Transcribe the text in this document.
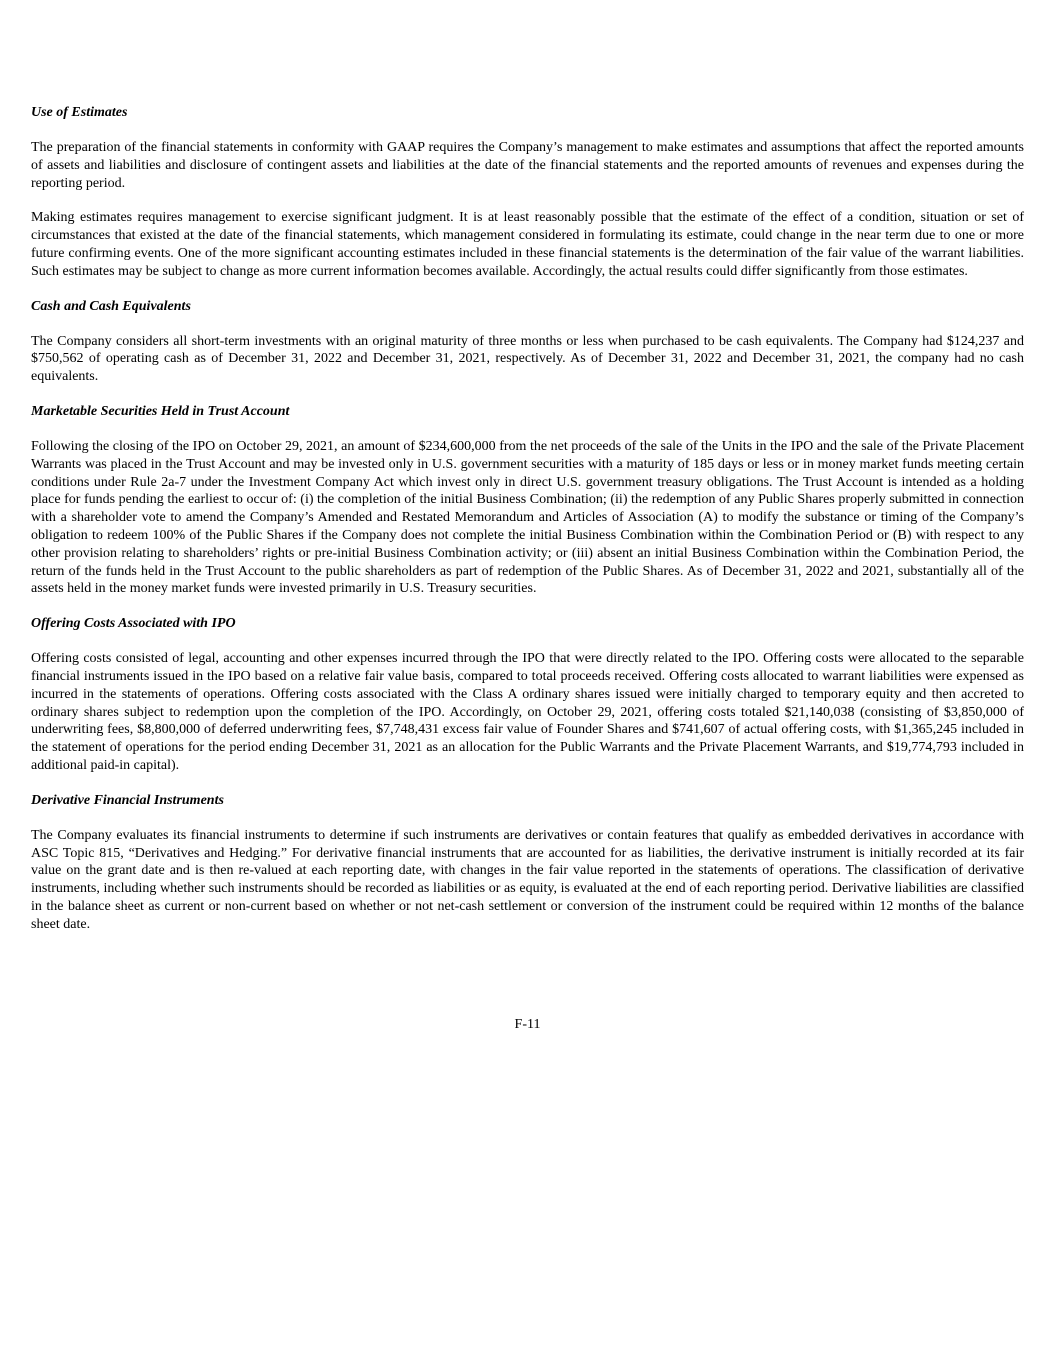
Use of Estimates

The preparation of the financial statements in conformity with GAAP requires the Company’s management to make estimates and assumptions that affect the reported amounts of assets and liabilities and disclosure of contingent assets and liabilities at the date of the financial statements and the reported amounts of revenues and expenses during the reporting period.

Making estimates requires management to exercise significant judgment. It is at least reasonably possible that the estimate of the effect of a condition, situation or set of circumstances that existed at the date of the financial statements, which management considered in formulating its estimate, could change in the near term due to one or more future confirming events. One of the more significant accounting estimates included in these financial statements is the determination of the fair value of the warrant liabilities. Such estimates may be subject to change as more current information becomes available. Accordingly, the actual results could differ significantly from those estimates.

Cash and Cash Equivalents

The Company considers all short-term investments with an original maturity of three months or less when purchased to be cash equivalents. The Company had $124,237 and $750,562 of operating cash as of December 31, 2022 and December 31, 2021, respectively. As of December 31, 2022 and December 31, 2021, the company had no cash equivalents.

Marketable Securities Held in Trust Account

Following the closing of the IPO on October 29, 2021, an amount of $234,600,000 from the net proceeds of the sale of the Units in the IPO and the sale of the Private Placement Warrants was placed in the Trust Account and may be invested only in U.S. government securities with a maturity of 185 days or less or in money market funds meeting certain conditions under Rule 2a-7 under the Investment Company Act which invest only in direct U.S. government treasury obligations. The Trust Account is intended as a holding place for funds pending the earliest to occur of: (i) the completion of the initial Business Combination; (ii) the redemption of any Public Shares properly submitted in connection with a shareholder vote to amend the Company’s Amended and Restated Memorandum and Articles of Association (A) to modify the substance or timing of the Company’s obligation to redeem 100% of the Public Shares if the Company does not complete the initial Business Combination within the Combination Period or (B) with respect to any other provision relating to shareholders’ rights or pre-initial Business Combination activity; or (iii) absent an initial Business Combination within the Combination Period, the return of the funds held in the Trust Account to the public shareholders as part of redemption of the Public Shares. As of December 31, 2022 and 2021, substantially all of the assets held in the money market funds were invested primarily in U.S. Treasury securities.

Offering Costs Associated with IPO

Offering costs consisted of legal, accounting and other expenses incurred through the IPO that were directly related to the IPO. Offering costs were allocated to the separable financial instruments issued in the IPO based on a relative fair value basis, compared to total proceeds received. Offering costs allocated to warrant liabilities were expensed as incurred in the statements of operations. Offering costs associated with the Class A ordinary shares issued were initially charged to temporary equity and then accreted to ordinary shares subject to redemption upon the completion of the IPO. Accordingly, on October 29, 2021, offering costs totaled $21,140,038 (consisting of $3,850,000 of underwriting fees, $8,800,000 of deferred underwriting fees, $7,748,431 excess fair value of Founder Shares and $741,607 of actual offering costs, with $1,365,245 included in the statement of operations for the period ending December 31, 2021 as an allocation for the Public Warrants and the Private Placement Warrants, and $19,774,793 included in additional paid-in capital).

Derivative Financial Instruments

The Company evaluates its financial instruments to determine if such instruments are derivatives or contain features that qualify as embedded derivatives in accordance with ASC Topic 815, “Derivatives and Hedging.” For derivative financial instruments that are accounted for as liabilities, the derivative instrument is initially recorded at its fair value on the grant date and is then re-valued at each reporting date, with changes in the fair value reported in the statements of operations. The classification of derivative instruments, including whether such instruments should be recorded as liabilities or as equity, is evaluated at the end of each reporting period. Derivative liabilities are classified in the balance sheet as current or non-current based on whether or not net-cash settlement or conversion of the instrument could be required within 12 months of the balance sheet date.

F-11
